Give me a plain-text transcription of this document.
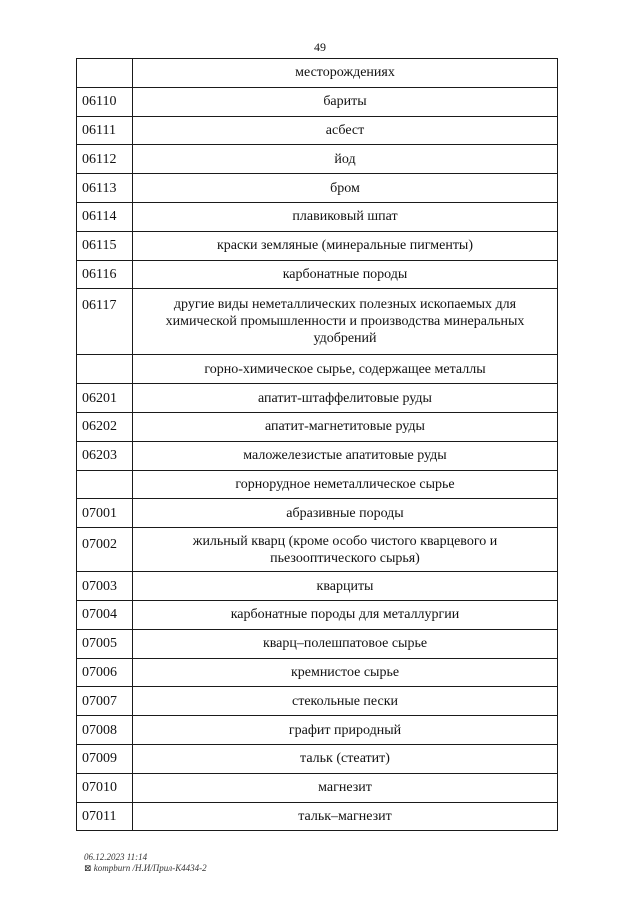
49
	месторождениях
06110	бариты
06111	асбест
06112	йод
06113	бром
06114	плавиковый шпат
06115	краски земляные (минеральные пигменты)
06116	карбонатные породы
06117	другие виды неметаллических полезных ископаемых для химической промышленности и производства минеральных удобрений
	горно-химическое сырье, содержащее металлы
06201	апатит-штаффелитовые руды
06202	апатит-магнетитовые руды
06203	маложелезистые апатитовые руды
	горнорудное неметаллическое сырье
07001	абразивные породы
07002	жильный кварц (кроме особо чистого кварцевого и пьезооптического сырья)
07003	кварциты
07004	карбонатные породы для металлургии
07005	кварц–полешпатовое сырье
07006	кремнистое сырье
07007	стекольные пески
07008	графит природный
07009	тальк (стеатит)
07010	магнезит
07011	тальк–магнезит
06.12.2023 11:14
⊠ kompburn /Н.И/Прил-К4434-2
